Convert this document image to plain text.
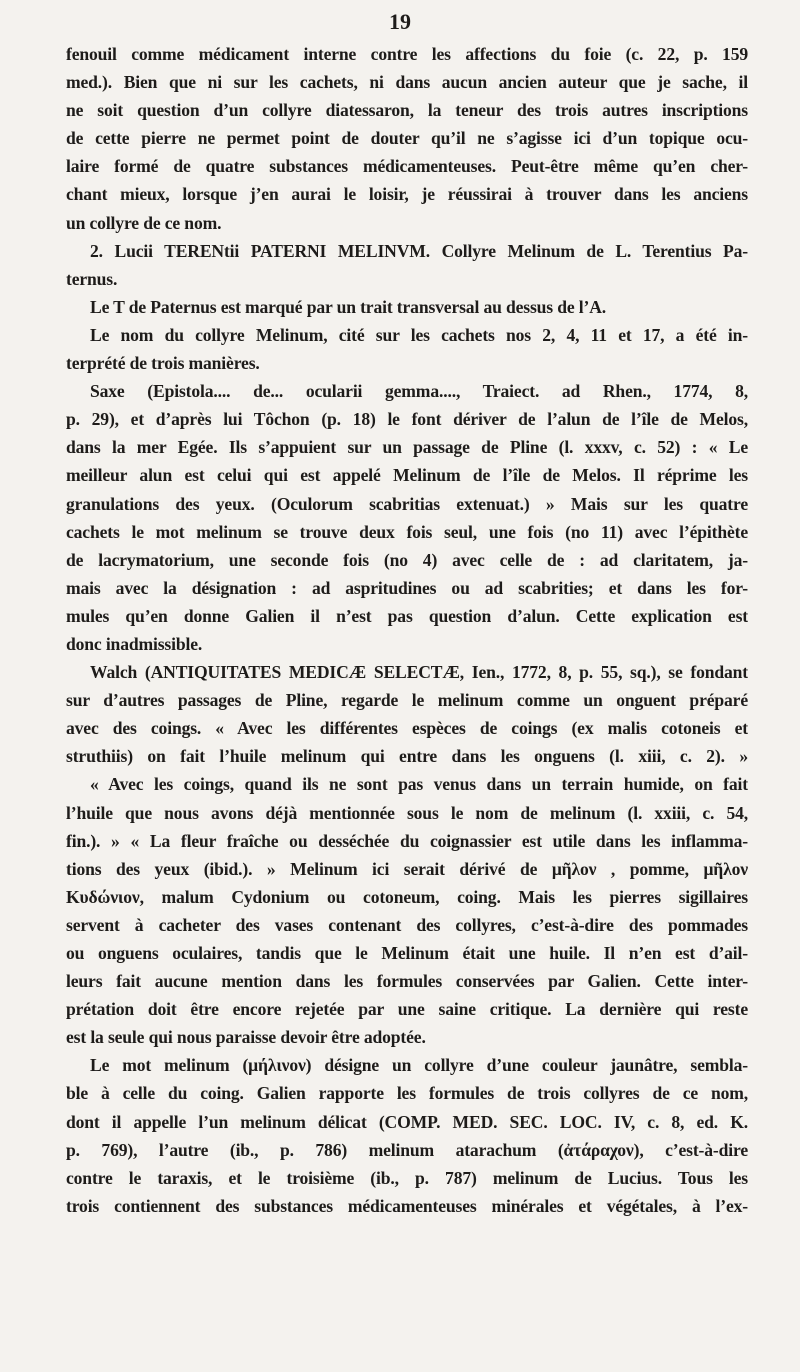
19
fenouil comme médicament interne contre les affections du foie (c. 22, p. 159
med.). Bien que ni sur les cachets, ni dans aucun ancien auteur que je sache, il
ne soit question d’un collyre diatessaron, la teneur des trois autres inscriptions
de cette pierre ne permet point de douter qu’il ne s’agisse ici d’un topique ocu-
laire formé de quatre substances médicamenteuses. Peut-être même qu’en cher-
chant mieux, lorsque j’en aurai le loisir, je réussirai à trouver dans les anciens
un collyre de ce nom.
2. Lucii TERENtii PATERNI MELINVM. Collyre Melinum de L. Terentius Pa-
ternus.
Le T de Paternus est marqué par un trait transversal au dessus de l’A.
Le nom du collyre Melinum, cité sur les cachets nos 2, 4, 11 et 17, a été in-
terprété de trois manières.
Saxe (Epistola.... de... ocularii gemma...., Traiect. ad Rhen., 1774, 8,
p. 29), et d’après lui Tôchon (p. 18) le font dériver de l’alun de l’île de Melos,
dans la mer Egée. Ils s’appuient sur un passage de Pline (l. xxxv, c. 52) : « Le
meilleur alun est celui qui est appelé Melinum de l’île de Melos. Il réprime les
granulations des yeux. (Oculorum scabritias extenuat.) » Mais sur les quatre
cachets le mot melinum se trouve deux fois seul, une fois (no 11) avec l’épithète
de lacrymatorium, une seconde fois (no 4) avec celle de : ad claritatem, ja-
mais avec la désignation : ad aspritudines ou ad scabrities; et dans les for-
mules qu’en donne Galien il n’est pas question d’alun. Cette explication est
donc inadmissible.
Walch (ANTIQUITATES MEDICÆ SELECTÆ, Ien., 1772, 8, p. 55, sq.), se fondant
sur d’autres passages de Pline, regarde le melinum comme un onguent préparé
avec des coings. « Avec les différentes espèces de coings (ex malis cotoneis et
struthiis) on fait l’huile melinum qui entre dans les onguens (l. xiii, c. 2). »
« Avec les coings, quand ils ne sont pas venus dans un terrain humide, on fait
l’huile que nous avons déjà mentionnée sous le nom de melinum (l. xxiii, c. 54,
fin.). » « La fleur fraîche ou desséchée du coignassier est utile dans les inflamma-
tions des yeux (ibid.). » Melinum ici serait dérivé de μῆλον , pomme, μῆλον
Κυδώνιον, malum Cydonium ou cotoneum, coing. Mais les pierres sigillaires
servent à cacheter des vases contenant des collyres, c’est-à-dire des pommades
ou onguens oculaires, tandis que le Melinum était une huile. Il n’en est d’ail-
leurs fait aucune mention dans les formules conservées par Galien. Cette inter-
prétation doit être encore rejetée par une saine critique. La dernière qui reste
est la seule qui nous paraisse devoir être adoptée.
Le mot melinum (μήλινον) désigne un collyre d’une couleur jaunâtre, sembla-
ble à celle du coing. Galien rapporte les formules de trois collyres de ce nom,
dont il appelle l’un melinum délicat (COMP. MED. SEC. LOC. IV, c. 8, ed. K.
p. 769), l’autre (ib., p. 786) melinum atarachum (ἀτάραχον), c’est-à-dire
contre le taraxis, et le troisième (ib., p. 787) melinum de Lucius. Tous les
trois contiennent des substances médicamenteuses minérales et végétales, à l’ex-
